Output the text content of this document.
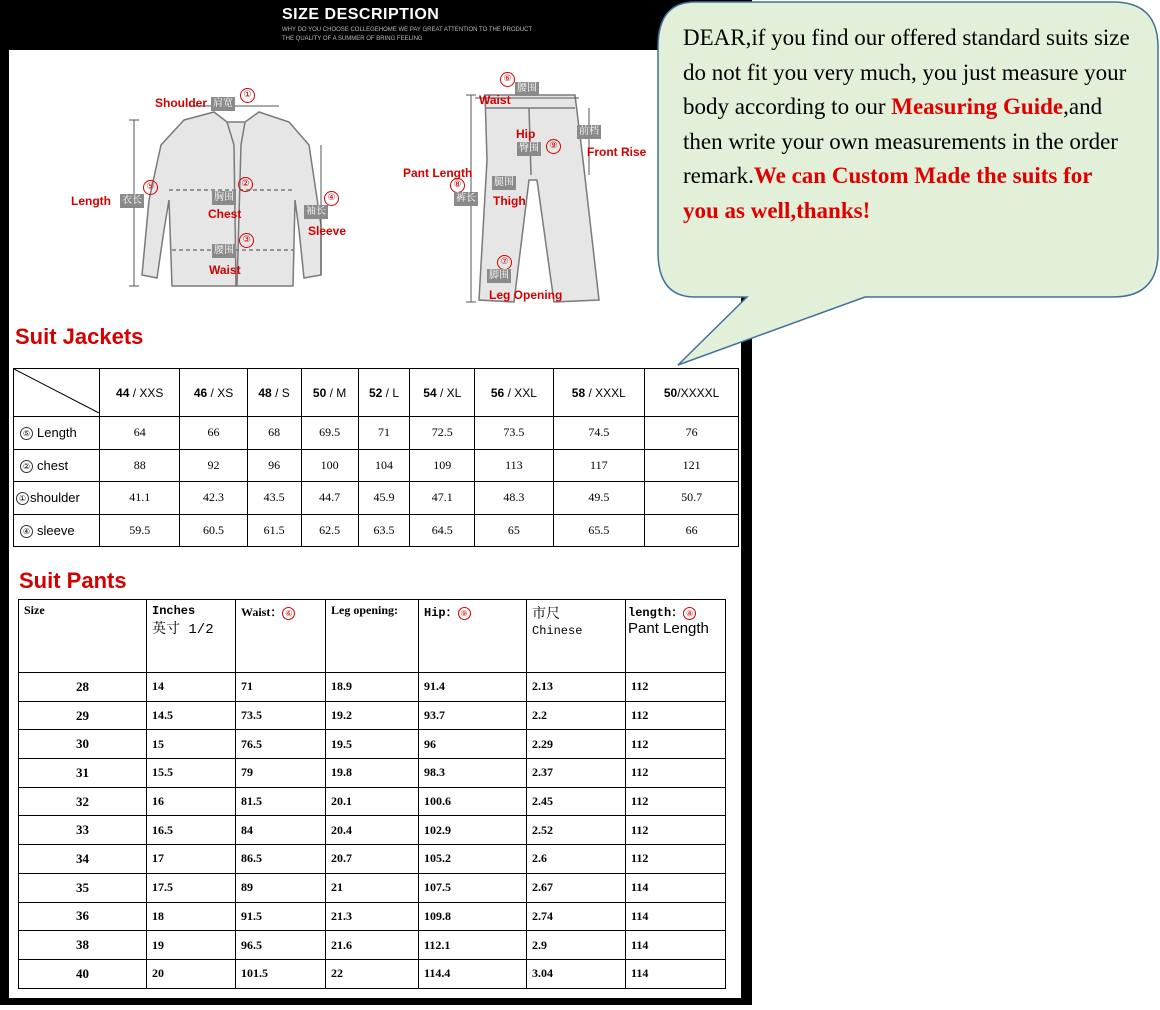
SIZE DESCRIPTION
WHY DO YOU CHOOSE COLLEGEHOME WE PAY GREAT ATTENTION TO THE PRODUCT
THE QUALITY OF A SUMMER OF BRING FEELING
Shoulder 肩宽
①
Length 衣长
⑤
胸围
②
Chest	袖长
④
Sleeve
腰围
③
Waist
⑥
腰围
Waist
Hip
臀围	⑨
前档
Front Rise
Pant Length
⑧
裤长
腿围
Thigh
⑦
脚围
Leg Opening
Suit Jackets
	44 / XXS	46 / XS	48 / S	50 / M	52 / L	54 / XL	56 / XXL	58 / XXXL	50/XXXXL
⑤ Length	64	66	68	69.5	71	72.5	73.5	74.5	76
② chest	88	92	96	100	104	109	113	117	121
① shoulder	41.1	42.3	43.5	44.7	45.9	47.1	48.3	49.5	50.7
④ sleeve	59.5	60.5	61.5	62.5	63.5	64.5	65	65.5	66
Suit Pants
Size	Inches
英寸 1/2	Waist： ⑥	Leg opening:	Hip： ⑨	市尺
Chinese	length： ⑧
Pant Length
28	14	71	18.9	91.4	2.13	112
29	14.5	73.5	19.2	93.7	2.2	112
30	15	76.5	19.5	96	2.29	112
31	15.5	79	19.8	98.3	2.37	112
32	16	81.5	20.1	100.6	2.45	112
33	16.5	84	20.4	102.9	2.52	112
34	17	86.5	20.7	105.2	2.6	112
35	17.5	89	21	107.5	2.67	114
36	18	91.5	21.3	109.8	2.74	114
38	19	96.5	21.6	112.1	2.9	114
40	20	101.5	22	114.4	3.04	114
DEAR,if you find our offered standard suits size do not fit you very much, you just measure your body according to our Measuring Guide,and then write your own measurements in the order remark.We can Custom Made the suits for you as well,thanks!
